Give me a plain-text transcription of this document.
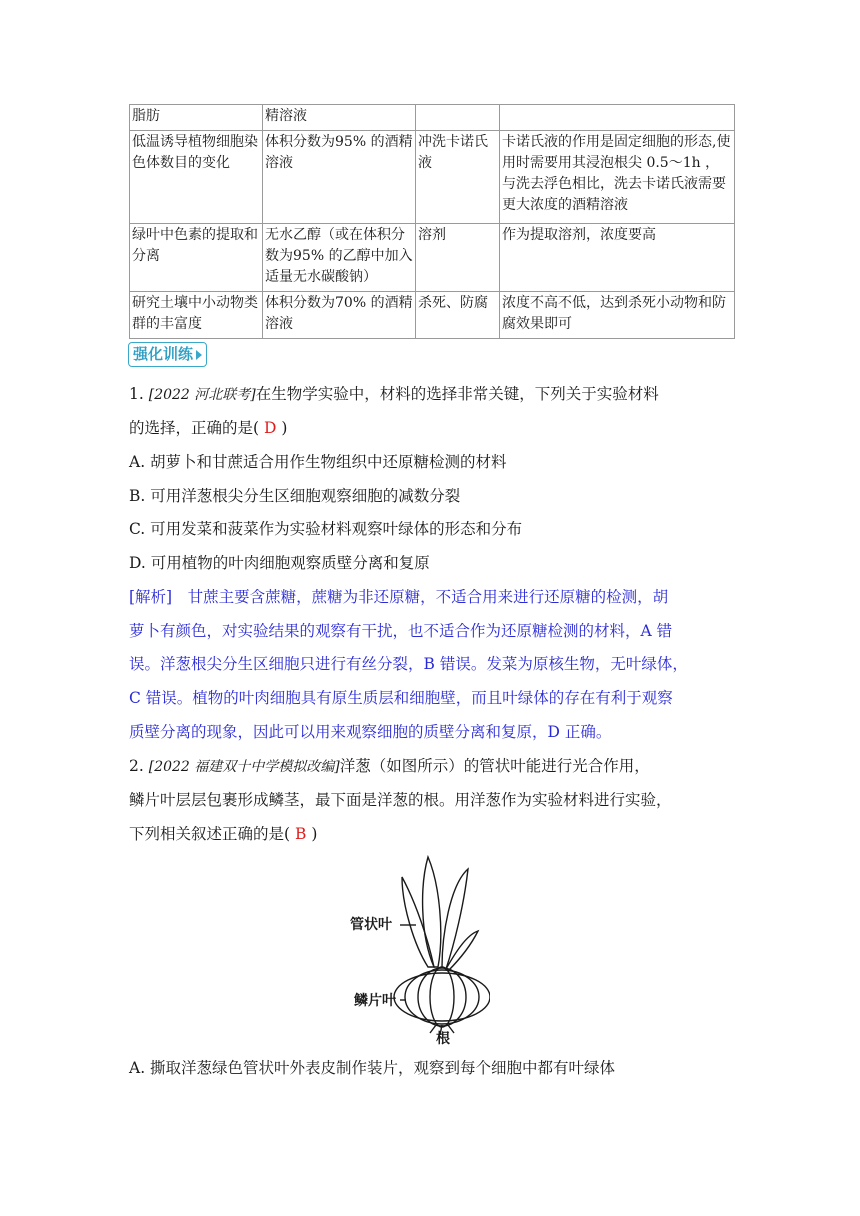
脂肪	精溶液		
低温诱导植物细胞染色体数目的变化	体积分数为95% 的酒精溶液	冲洗卡诺氏液	卡诺氏液的作用是固定细胞的形态,使用时需要用其浸泡根尖 0.5～1h ，与洗去浮色相比，洗去卡诺氏液需要更大浓度的酒精溶液
绿叶中色素的提取和分离	无水乙醇（或在体积分数为95% 的乙醇中加入适量无水碳酸钠）	溶剂	作为提取溶剂，浓度要高
研究土壤中小动物类群的丰富度	体积分数为70% 的酒精溶液	杀死、防腐	浓度不高不低，达到杀死小动物和防腐效果即可
强化训练
1. [2022 河北联考]在生物学实验中，材料的选择非常关键，下列关于实验材料
的选择，正确的是( D )
A. 胡萝卜和甘蔗适合用作生物组织中还原糖检测的材料
B. 可用洋葱根尖分生区细胞观察细胞的减数分裂
C. 可用发菜和菠菜作为实验材料观察叶绿体的形态和分布
D. 可用植物的叶肉细胞观察质壁分离和复原
[解析]　甘蔗主要含蔗糖，蔗糖为非还原糖，不适合用来进行还原糖的检测，胡
萝卜有颜色，对实验结果的观察有干扰，也不适合作为还原糖检测的材料，A 错
误。洋葱根尖分生区细胞只进行有丝分裂，B 错误。发菜为原核生物，无叶绿体，
C 错误。植物的叶肉细胞具有原生质层和细胞壁，而且叶绿体的存在有利于观察
质壁分离的现象，因此可以用来观察细胞的质壁分离和复原，D 正确。
2. [2022 福建双十中学模拟改编]洋葱（如图所示）的管状叶能进行光合作用，
鳞片叶层层包裹形成鳞茎，最下面是洋葱的根。用洋葱作为实验材料进行实验，
下列相关叙述正确的是( B )
管状叶
鳞片叶
根
A. 撕取洋葱绿色管状叶外表皮制作装片，观察到每个细胞中都有叶绿体
